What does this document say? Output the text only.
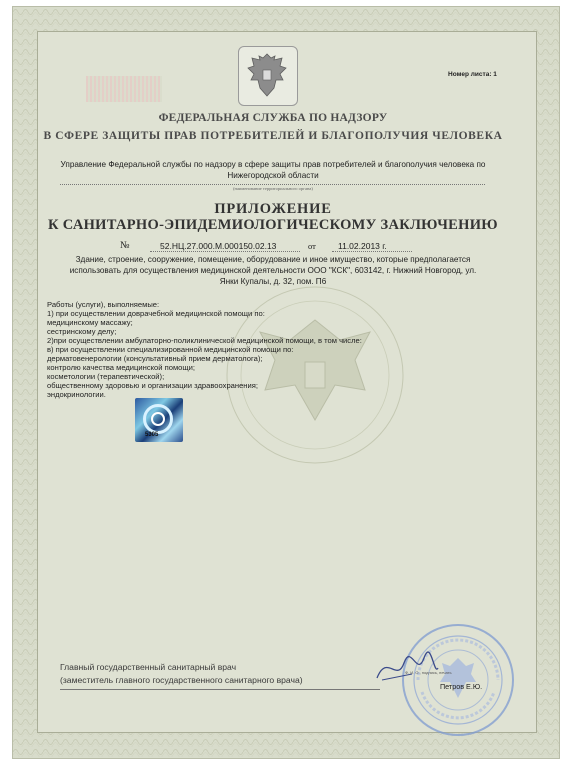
Номер листа: 1
ФЕДЕРАЛЬНАЯ СЛУЖБА ПО НАДЗОРУ
В СФЕРЕ ЗАЩИТЫ ПРАВ ПОТРЕБИТЕЛЕЙ И БЛАГОПОЛУЧИЯ ЧЕЛОВЕКА
Управление Федеральной службы по надзору в сфере защиты прав потребителей и благополучия человека по
Нижегородской области
(наименование территориального органа)
ПРИЛОЖЕНИЕ
К САНИТАРНО-ЭПИДЕМИОЛОГИЧЕСКОМУ ЗАКЛЮЧЕНИЮ
№	52.НЦ.27.000.М.000150.02.13	от	11.02.2013 г.
Здание, строение, сооружение, помещение, оборудование и иное имущество, которые предполагается
использовать для осуществления медицинской деятельности ООО "КСК", 603142, г. Нижний Новгород, ул.
Янки Купалы, д. 32, пом. П6
Работы (услуги), выполняемые:
1) при осуществлении доврачебной медицинской помощи по:
медицинскому массажу;
сестринскому делу;
2)при осуществлении амбулаторно-поликлинической медицинской помощи, в том числе:
в) при осуществлении специализированной медицинской помощи по:
дерматовенерологии (консультативный прием дерматолога);
контролю качества медицинской помощи;
косметологии (терапевтической);
общественному здоровью и организации здравоохранения;
эндокринологии.
5305
Главный государственный санитарный врач
(заместитель главного государственного санитарного врача)
Ф. И. О., подпись, печать
Петров Е.Ю.
